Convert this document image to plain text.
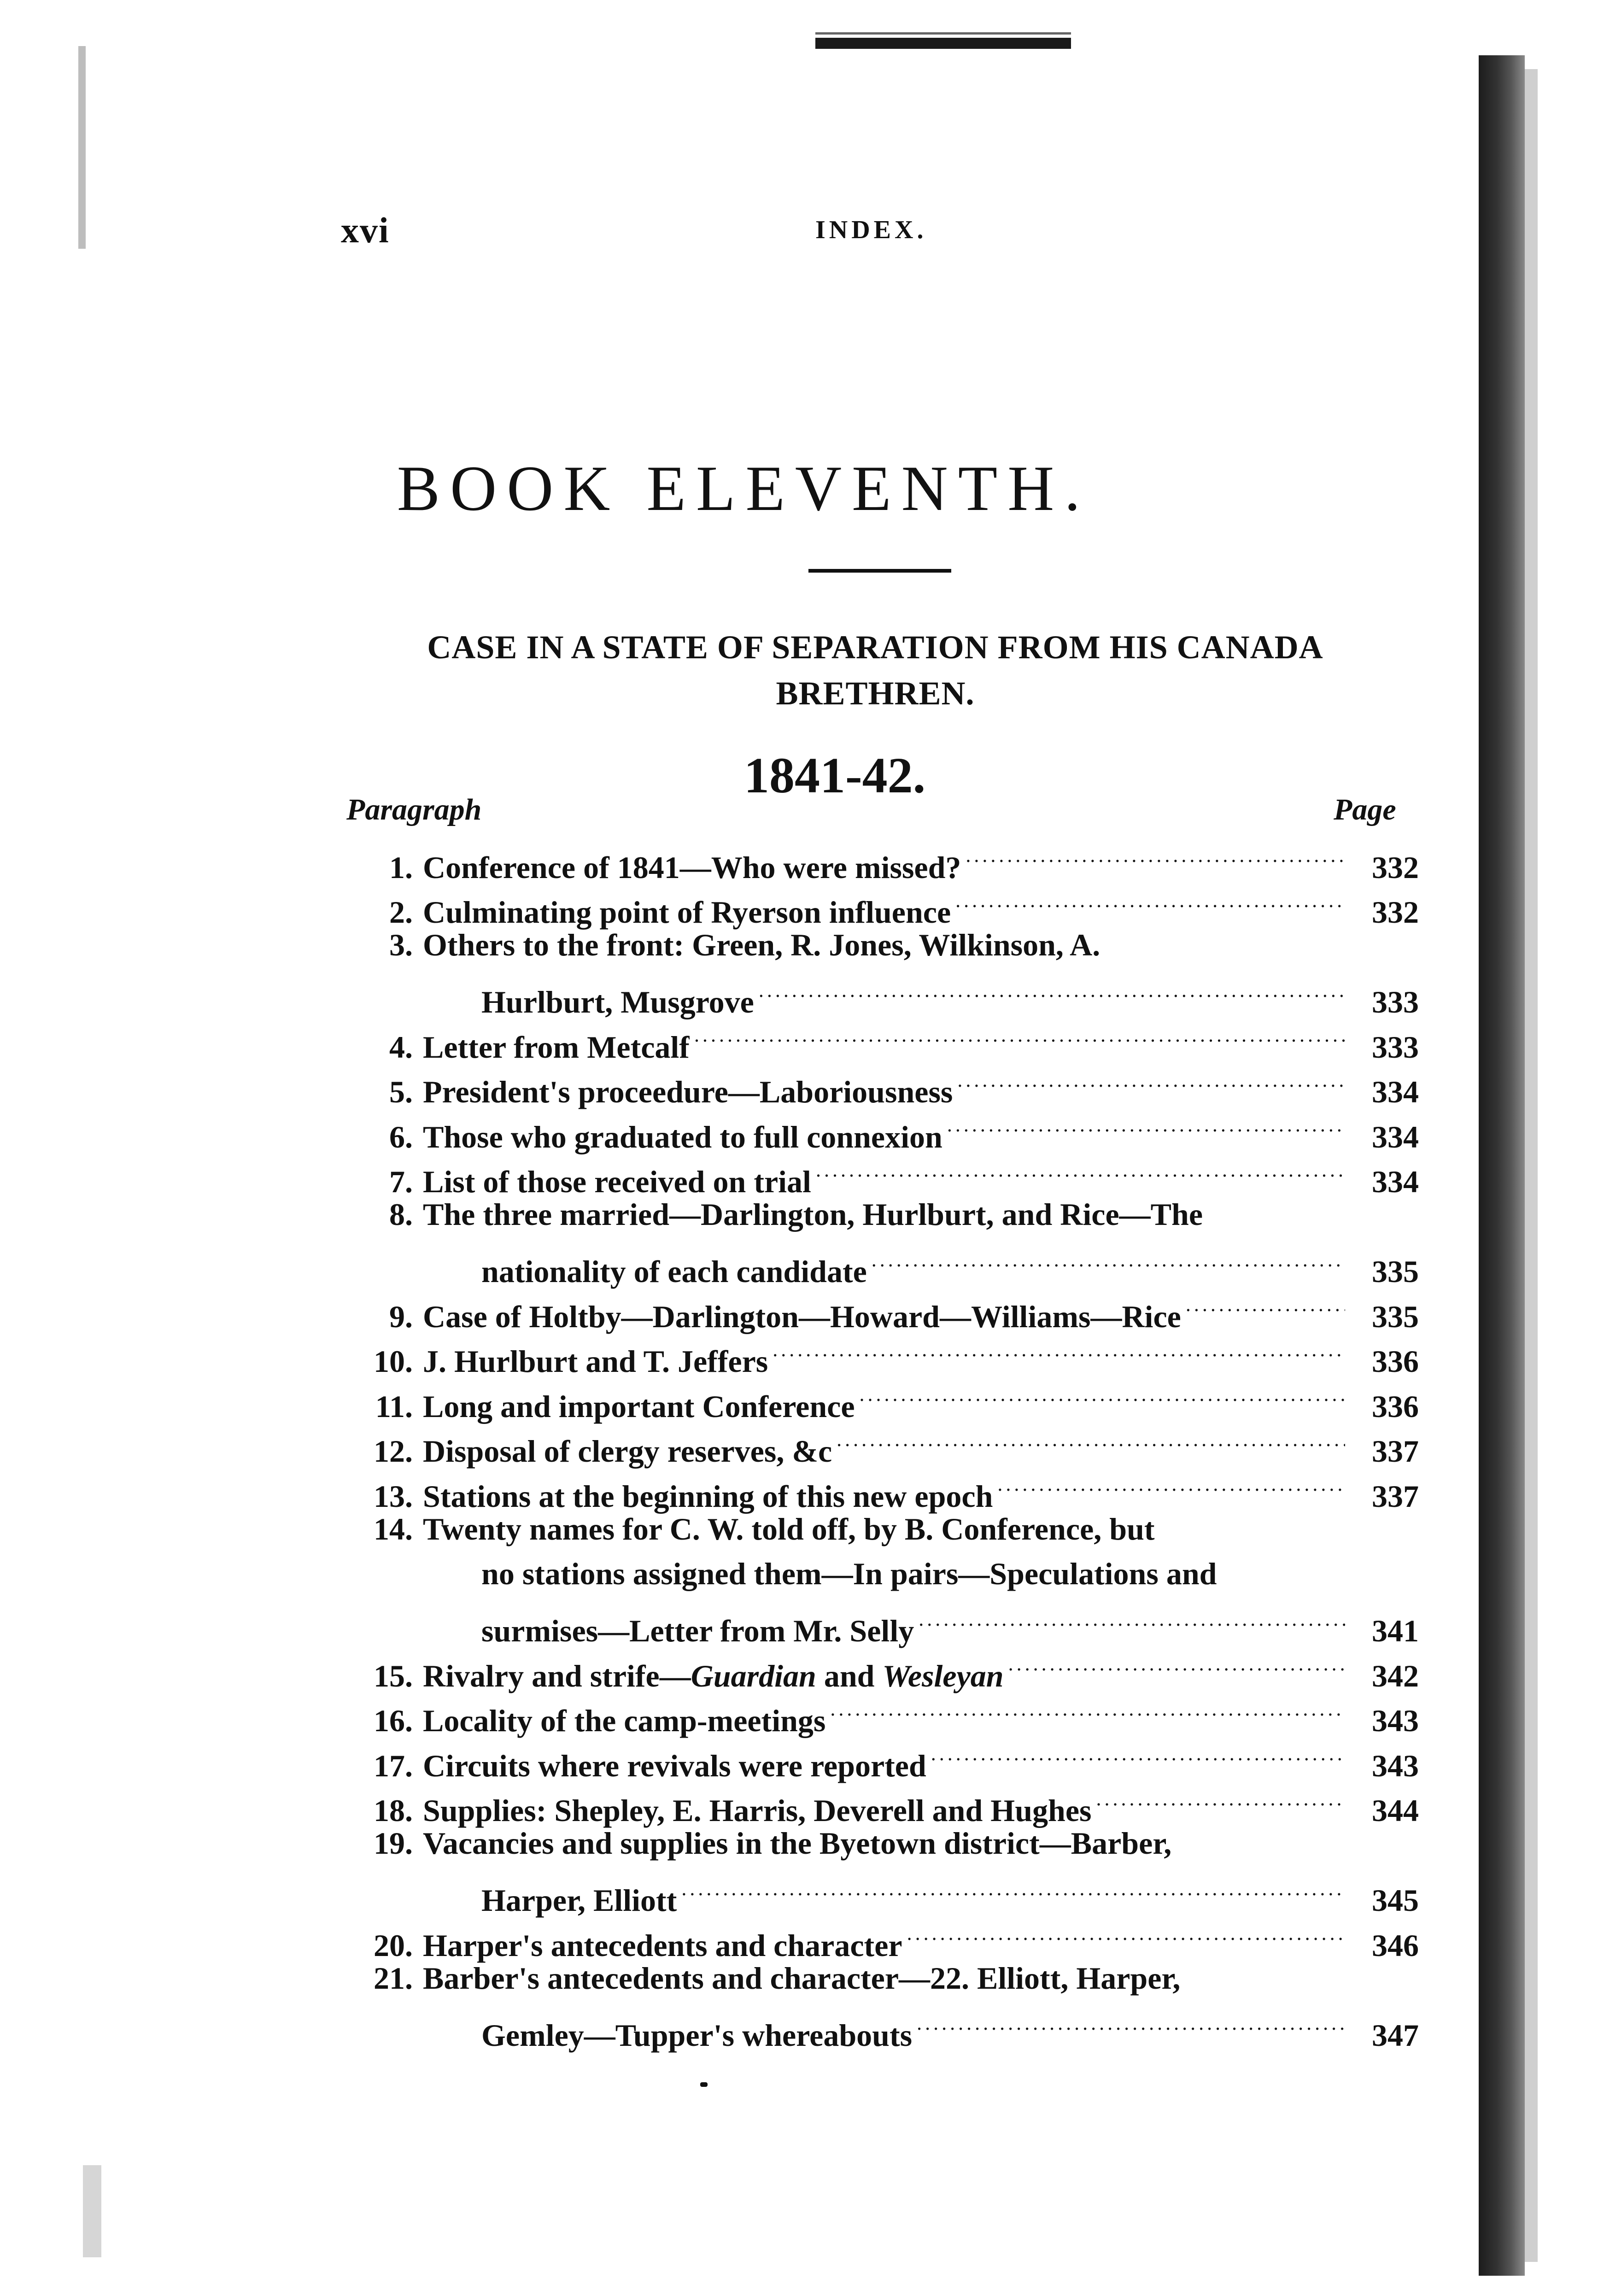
xvi	INDEX.
BOOK ELEVENTH.
CASE IN A STATE OF SEPARATION FROM HIS CANADA
BRETHREN.
1841-42.
Paragraph	Page
1. Conference of 1841—Who were missed? . . .	332
2. Culminating point of Ryerson influence . . .	332
3. Others to the front: Green, R. Jones, Wilkinson, A.
Hurlburt, Musgrove . . .	333
4. Letter from Metcalf . . .	333
5. President's proceedure—Laboriousness . . .	334
6. Those who graduated to full connexion . . .	334
7. List of those received on trial . . .	334
8. The three married—Darlington, Hurlburt, and Rice—The
nationality of each candidate . . .	335
9. Case of Holtby—Darlington—Howard—Williams—Rice . . .	335
10. J. Hurlburt and T. Jeffers . . .	336
11. Long and important Conference . . .	336
12. Disposal of clergy reserves, &c . . .	337
13. Stations at the beginning of this new epoch . . .	337
14. Twenty names for C. W. told off, by B. Conference, but
no stations assigned them—In pairs—Speculations and
surmises—Letter from Mr. Selly . . .	341
15. Rivalry and strife—Guardian and Wesleyan . . .	342
16. Locality of the camp-meetings . . .	343
17. Circuits where revivals were reported . . .	343
18. Supplies: Shepley, E. Harris, Deverell and Hughes . . .	344
19. Vacancies and supplies in the Byetown district—Barber,
Harper, Elliott . . .	345
20. Harper's antecedents and character . . .	346
21. Barber's antecedents and character—22. Elliott, Harper,
Gemley—Tupper's whereabouts . . .	347
